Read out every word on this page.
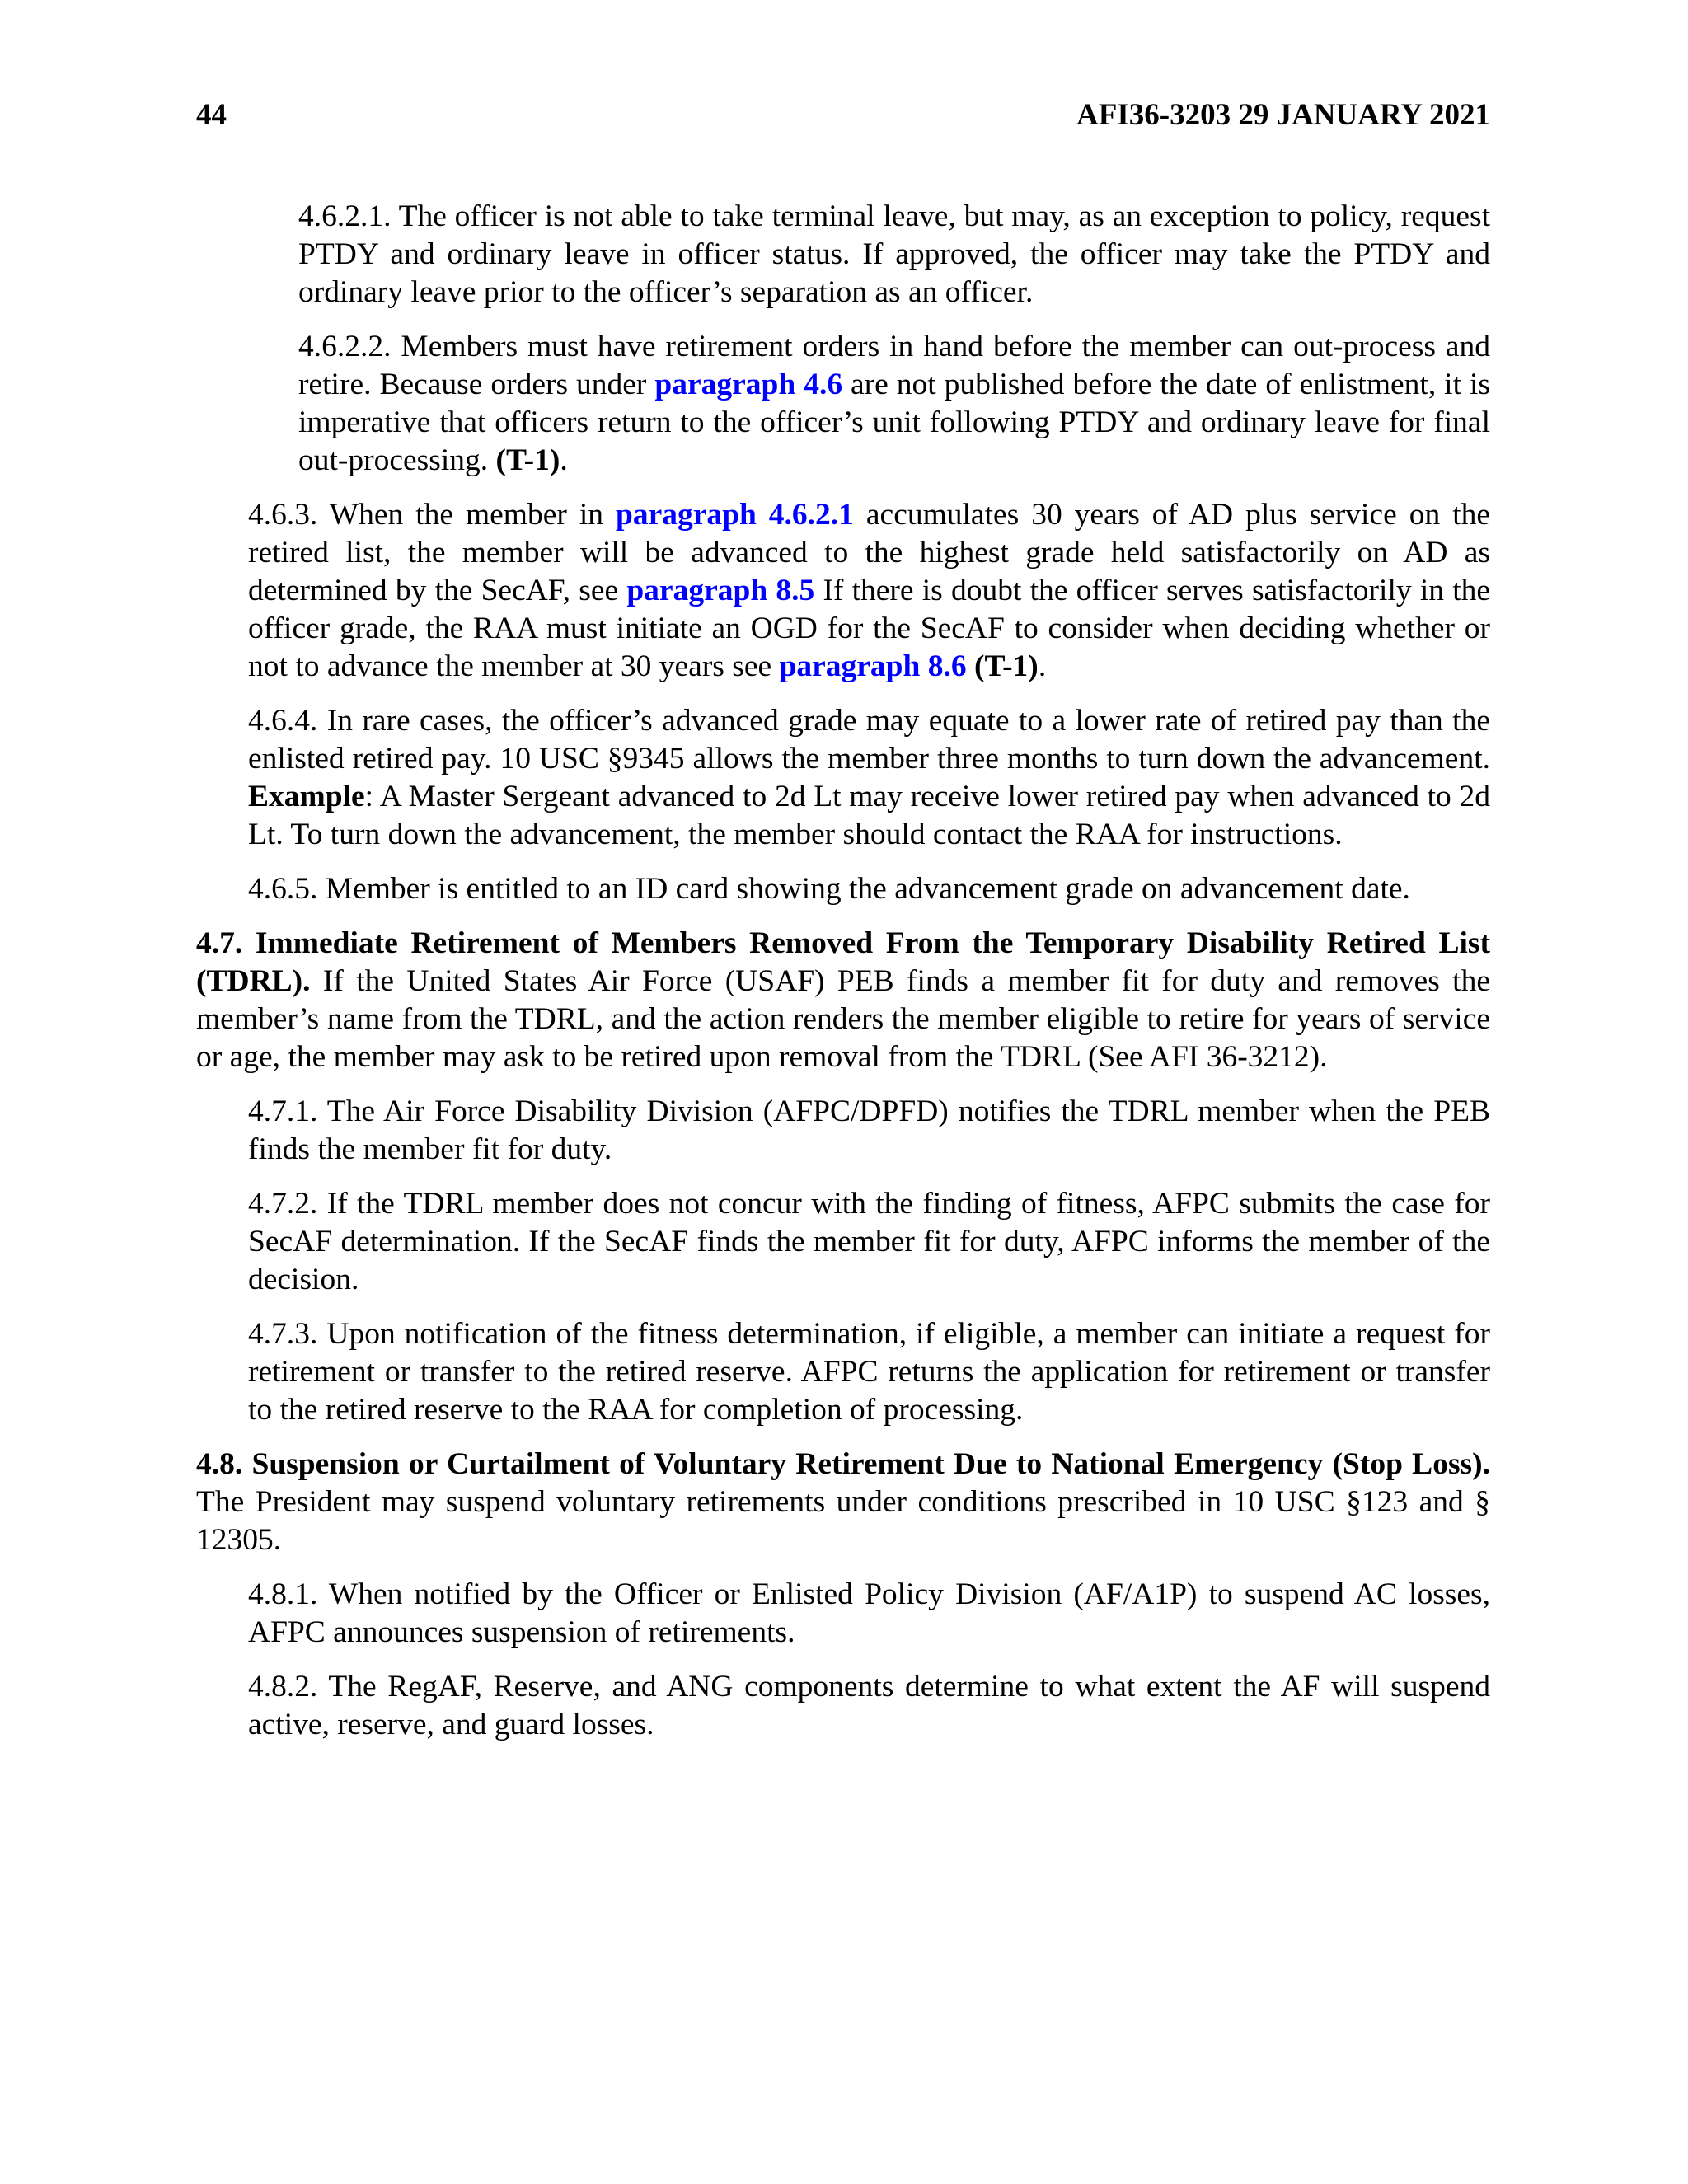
44	AFI36-3203 29 JANUARY 2021

4.6.2.1. The officer is not able to take terminal leave, but may, as an exception to policy, request PTDY and ordinary leave in officer status. If approved, the officer may take the PTDY and ordinary leave prior to the officer’s separation as an officer.

4.6.2.2. Members must have retirement orders in hand before the member can out-process and retire. Because orders under paragraph 4.6 are not published before the date of enlistment, it is imperative that officers return to the officer’s unit following PTDY and ordinary leave for final out-processing. (T-1).

4.6.3. When the member in paragraph 4.6.2.1 accumulates 30 years of AD plus service on the retired list, the member will be advanced to the highest grade held satisfactorily on AD as determined by the SecAF, see paragraph 8.5 If there is doubt the officer serves satisfactorily in the officer grade, the RAA must initiate an OGD for the SecAF to consider when deciding whether or not to advance the member at 30 years see paragraph 8.6 (T-1).

4.6.4. In rare cases, the officer’s advanced grade may equate to a lower rate of retired pay than the enlisted retired pay. 10 USC §9345 allows the member three months to turn down the advancement. Example: A Master Sergeant advanced to 2d Lt may receive lower retired pay when advanced to 2d Lt. To turn down the advancement, the member should contact the RAA for instructions.

4.6.5. Member is entitled to an ID card showing the advancement grade on advancement date.

4.7. Immediate Retirement of Members Removed From the Temporary Disability Retired List (TDRL). If the United States Air Force (USAF) PEB finds a member fit for duty and removes the member’s name from the TDRL, and the action renders the member eligible to retire for years of service or age, the member may ask to be retired upon removal from the TDRL (See AFI 36-3212).

4.7.1. The Air Force Disability Division (AFPC/DPFD) notifies the TDRL member when the PEB finds the member fit for duty.

4.7.2. If the TDRL member does not concur with the finding of fitness, AFPC submits the case for SecAF determination. If the SecAF finds the member fit for duty, AFPC informs the member of the decision.

4.7.3. Upon notification of the fitness determination, if eligible, a member can initiate a request for retirement or transfer to the retired reserve. AFPC returns the application for retirement or transfer to the retired reserve to the RAA for completion of processing.

4.8. Suspension or Curtailment of Voluntary Retirement Due to National Emergency (Stop Loss). The President may suspend voluntary retirements under conditions prescribed in 10 USC §123 and § 12305.

4.8.1. When notified by the Officer or Enlisted Policy Division (AF/A1P) to suspend AC losses, AFPC announces suspension of retirements.

4.8.2. The RegAF, Reserve, and ANG components determine to what extent the AF will suspend active, reserve, and guard losses.
